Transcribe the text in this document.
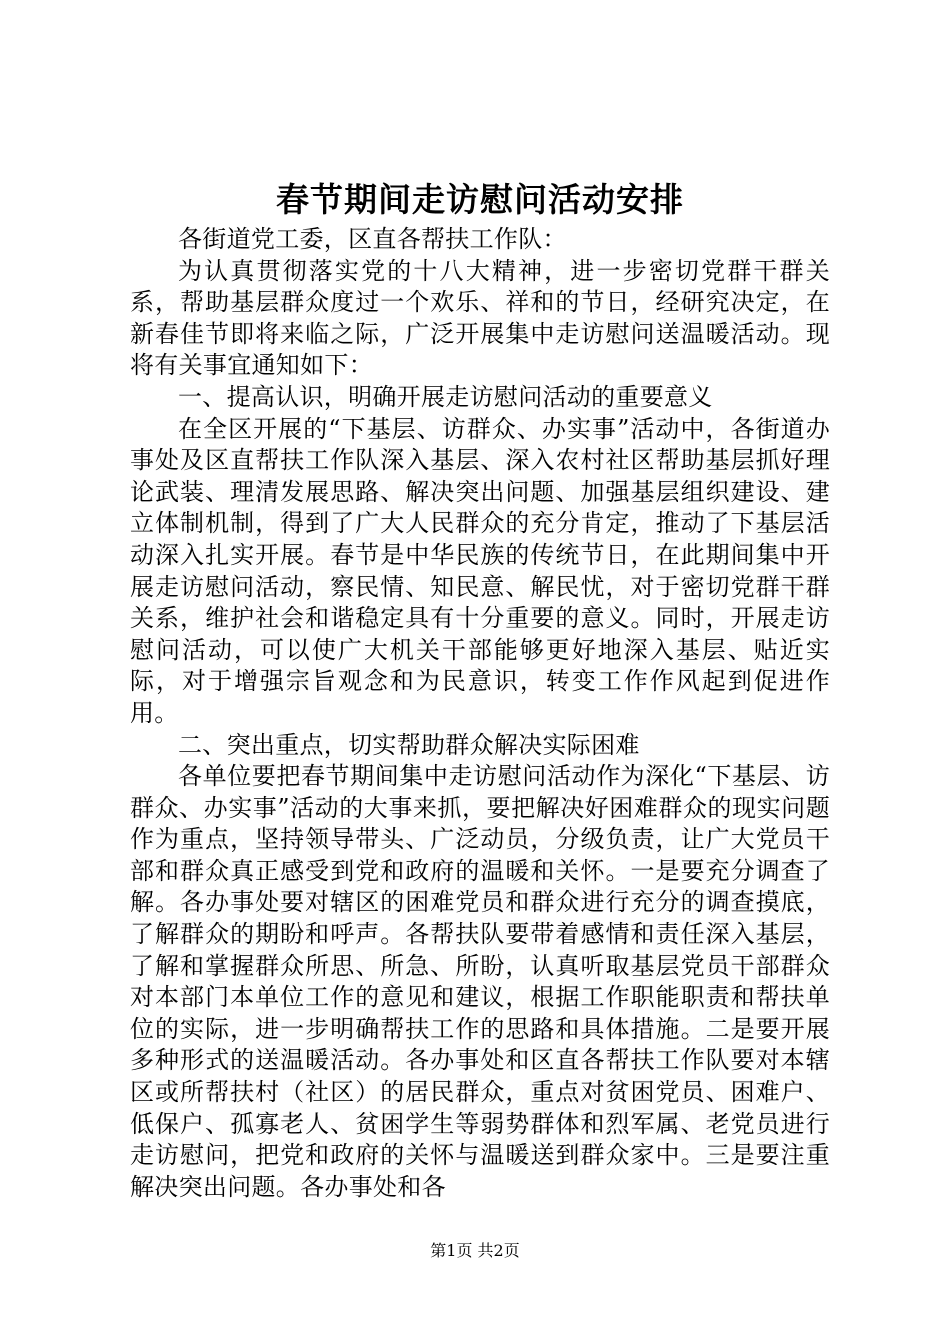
春节期间走访慰问活动安排

各街道党工委，区直各帮扶工作队：

为认真贯彻落实党的十八大精神，进一步密切党群干群关系，帮助基层群众度过一个欢乐、祥和的节日，经研究决定，在新春佳节即将来临之际，广泛开展集中走访慰问送温暖活动。现将有关事宜通知如下：

一、提高认识，明确开展走访慰问活动的重要意义

在全区开展的“下基层、访群众、办实事”活动中，各街道办事处及区直帮扶工作队深入基层、深入农村社区帮助基层抓好理论武装、理清发展思路、解决突出问题、加强基层组织建设、建立体制机制，得到了广大人民群众的充分肯定，推动了下基层活动深入扎实开展。春节是中华民族的传统节日，在此期间集中开展走访慰问活动，察民情、知民意、解民忧，对于密切党群干群关系，维护社会和谐稳定具有十分重要的意义。同时，开展走访慰问活动，可以使广大机关干部能够更好地深入基层、贴近实际，对于增强宗旨观念和为民意识，转变工作作风起到促进作用。

二、突出重点，切实帮助群众解决实际困难

各单位要把春节期间集中走访慰问活动作为深化“下基层、访群众、办实事”活动的大事来抓，要把解决好困难群众的现实问题作为重点，坚持领导带头、广泛动员，分级负责，让广大党员干部和群众真正感受到党和政府的温暖和关怀。一是要充分调查了解。各办事处要对辖区的困难党员和群众进行充分的调查摸底，了解群众的期盼和呼声。各帮扶队要带着感情和责任深入基层，了解和掌握群众所思、所急、所盼，认真听取基层党员干部群众对本部门本单位工作的意见和建议，根据工作职能职责和帮扶单位的实际，进一步明确帮扶工作的思路和具体措施。二是要开展多种形式的送温暖活动。各办事处和区直各帮扶工作队要对本辖区或所帮扶村（社区）的居民群众，重点对贫困党员、困难户、低保户、孤寡老人、贫困学生等弱势群体和烈军属、老党员进行走访慰问，把党和政府的关怀与温暖送到群众家中。三是要注重解决突出问题。各办事处和各

第1页 共2页
